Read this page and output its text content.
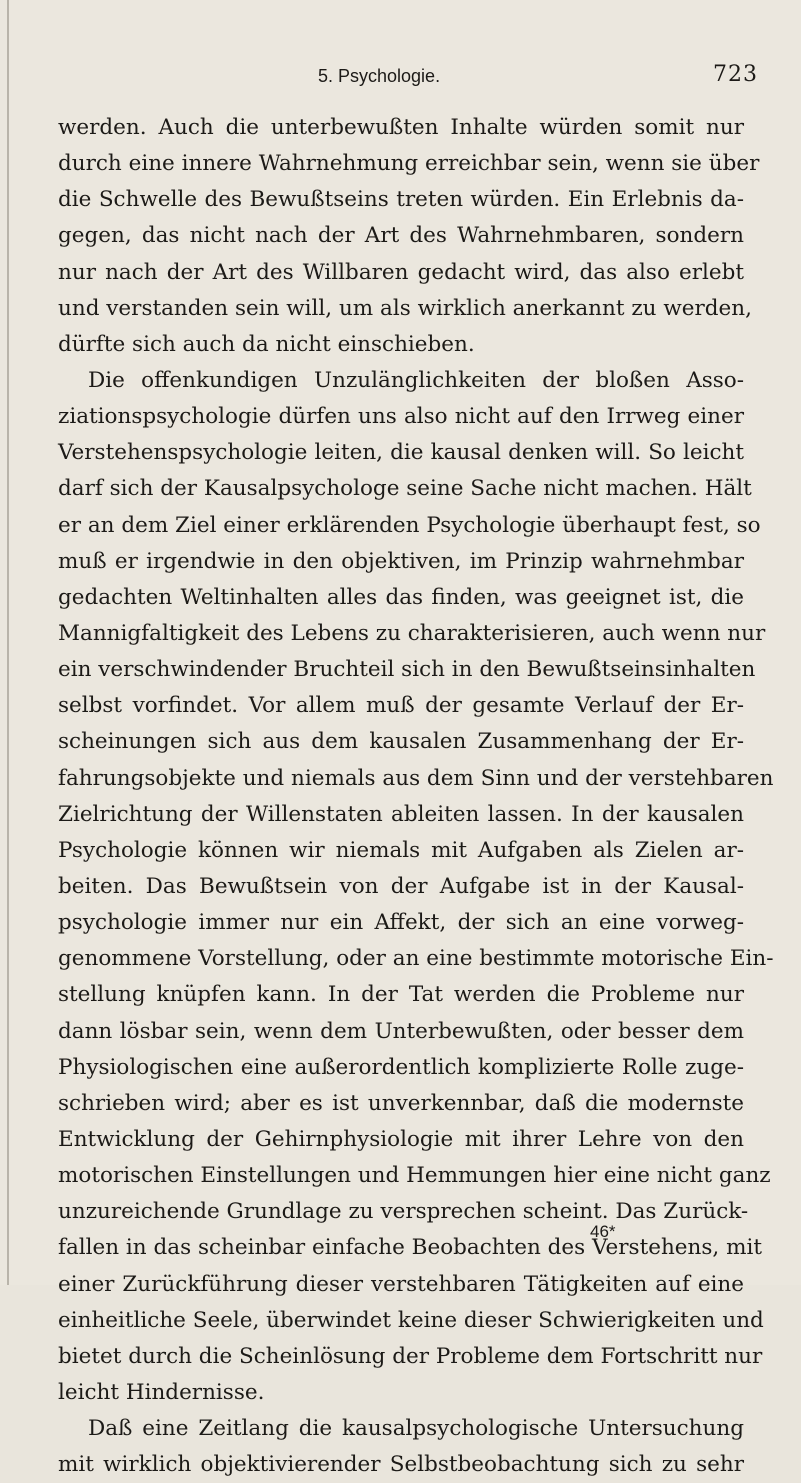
5. Psychologie.	723
werden. Auch die unterbewußten Inhalte würden somit nur
durch eine innere Wahrnehmung erreichbar sein, wenn sie über
die Schwelle des Bewußtseins treten würden. Ein Erlebnis da-
gegen, das nicht nach der Art des Wahrnehmbaren, sondern
nur nach der Art des Willbaren gedacht wird, das also erlebt
und verstanden sein will, um als wirklich anerkannt zu werden,
dürfte sich auch da nicht einschieben.
Die offenkundigen Unzulänglichkeiten der bloßen Asso-
ziationspsychologie dürfen uns also nicht auf den Irrweg einer
Verstehenspsychologie leiten, die kausal denken will. So leicht
darf sich der Kausalpsychologe seine Sache nicht machen. Hält
er an dem Ziel einer erklärenden Psychologie überhaupt fest, so
muß er irgendwie in den objektiven, im Prinzip wahrnehmbar
gedachten Weltinhalten alles das finden, was geeignet ist, die
Mannigfaltigkeit des Lebens zu charakterisieren, auch wenn nur
ein verschwindender Bruchteil sich in den Bewußtseinsinhalten
selbst vorfindet. Vor allem muß der gesamte Verlauf der Er-
scheinungen sich aus dem kausalen Zusammenhang der Er-
fahrungsobjekte und niemals aus dem Sinn und der verstehbaren
Zielrichtung der Willenstaten ableiten lassen. In der kausalen
Psychologie können wir niemals mit Aufgaben als Zielen ar-
beiten. Das Bewußtsein von der Aufgabe ist in der Kausal-
psychologie immer nur ein Affekt, der sich an eine vorweg-
genommene Vorstellung, oder an eine bestimmte motorische Ein-
stellung knüpfen kann. In der Tat werden die Probleme nur
dann lösbar sein, wenn dem Unterbewußten, oder besser dem
Physiologischen eine außerordentlich komplizierte Rolle zuge-
schrieben wird; aber es ist unverkennbar, daß die modernste
Entwicklung der Gehirnphysiologie mit ihrer Lehre von den
motorischen Einstellungen und Hemmungen hier eine nicht ganz
unzureichende Grundlage zu versprechen scheint. Das Zurück-
fallen in das scheinbar einfache Beobachten des Verstehens, mit
einer Zurückführung dieser verstehbaren Tätigkeiten auf eine
einheitliche Seele, überwindet keine dieser Schwierigkeiten und
bietet durch die Scheinlösung der Probleme dem Fortschritt nur
leicht Hindernisse.
Daß eine Zeitlang die kausalpsychologische Untersuchung
mit wirklich objektivierender Selbstbeobachtung sich zu sehr
46*
